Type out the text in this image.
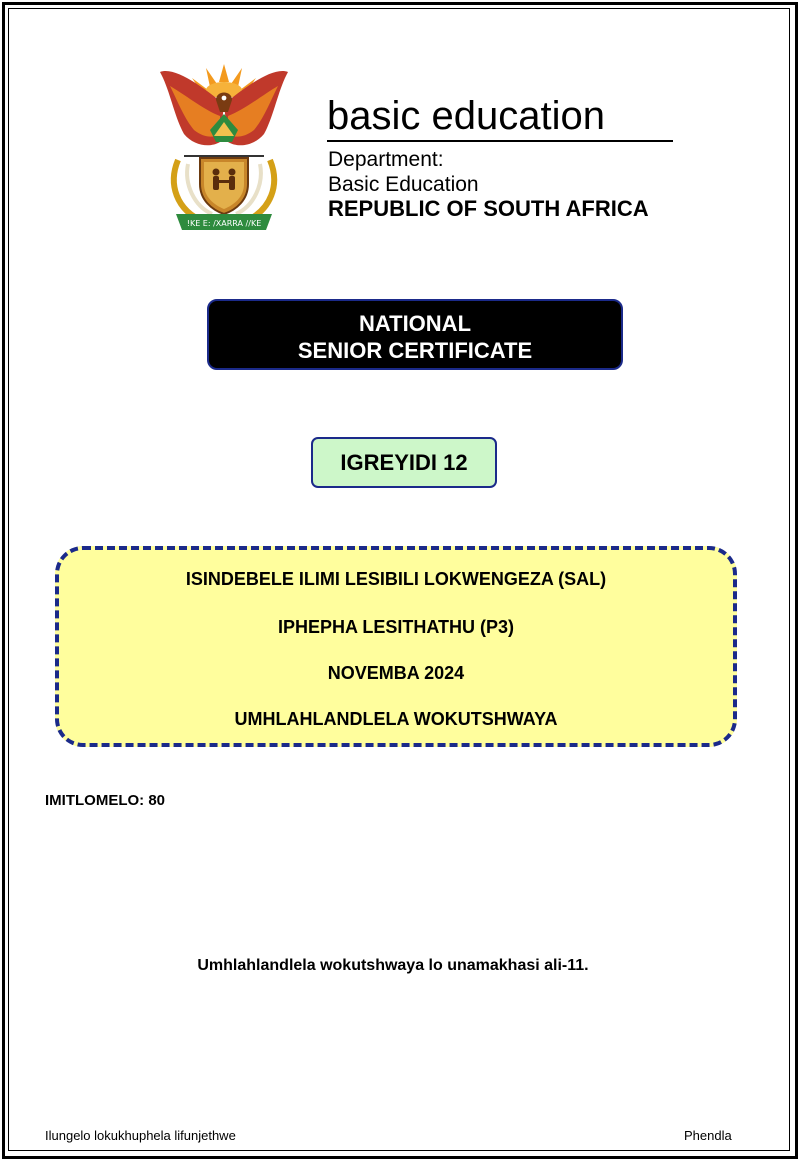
!KE E: /XARRA //KE
basic education
Department:
Basic Education
REPUBLIC OF SOUTH AFRICA
NATIONAL
SENIOR CERTIFICATE
IGREYIDI 12
ISINDEBELE ILIMI LESIBILI LOKWENGEZA (SAL)
IPHEPHA LESITHATHU (P3)
NOVEMBA 2024
UMHLAHLANDLELA WOKUTSHWAYA
IMITLOMELO: 80
Umhlahlandlela wokutshwaya lo unamakhasi ali-11.
Ilungelo lokukhuphela lifunjethwe	Phendla
